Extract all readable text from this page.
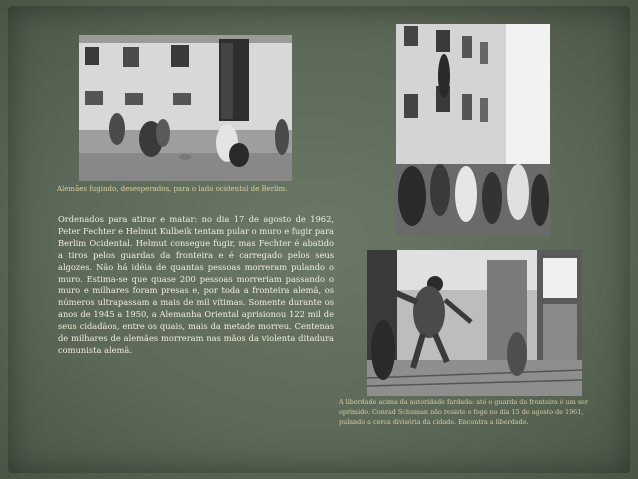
Alemães fugindo, desesperados, para o lado ocidental de Berlim.
Ordenados para atirar e matar: no dia 17 de agosto de 1962, Peter Fechter e Helmut Kulbeik tentam pular o muro e fugir para Berlim Ocidental. Helmut consegue fugir, mas Fechter é abatido a tiros pelos guardas da fronteira e é carregado pelos seus algozes. Não há idéia de quantas pessoas morreram pulando o muro. Estima-se que quase 200 pessoas morreriam passando o muro e milhares foram presas e, por toda a fronteira alemã, os números ultrapassam a mais de mil vítimas. Somente durante os anos de 1945 a 1950, a Alemanha Oriental aprisionou 122 mil de seus cidadãos, entre os quais, mais da metade morreu. Centenas de milhares de alemães morreram nas mãos da violenta ditadura comunista alemã.
A liberdade acima da autoridade fardada: até o guarda da fronteira é um ser oprimido. Conrad Schuman não resiste e foge no dia 15 de agosto de 1961, pulando a cerca divisória da cidade. Encontra a liberdade.
